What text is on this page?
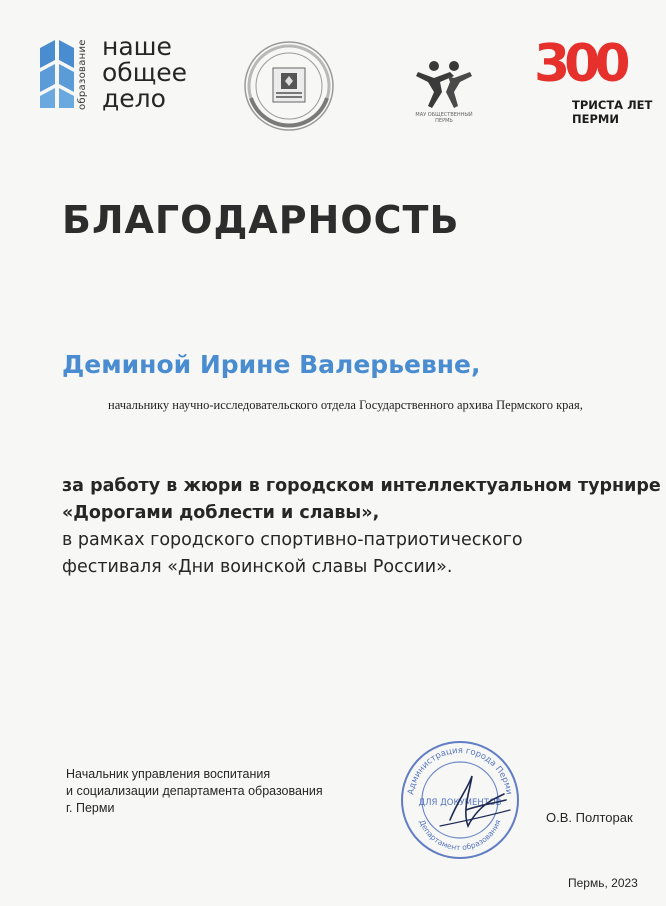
образование наше
общее
дело
МАУ ОБЩЕСТВЕННЫЙ ПЕРМЬ
300
ТРИСТА ЛЕТ
ПЕРМИ
БЛАГОДАРНОСТЬ
Деминой Ирине Валерьевне,
начальнику научно-исследовательского отдела Государственного архива Пермского края,
за работу в жюри в городском интеллектуальном турнире
«Дорогами доблести и славы»,
в рамках городского спортивно-патриотического
фестиваля «Дни воинской славы России».
Начальник управления воспитания
и социализации департамента образования
г. Перми
Администрация города Перми
Департамент образования
ДЛЯ ДОКУМЕНТОВ
О.В. Полторак
Пермь, 2023
